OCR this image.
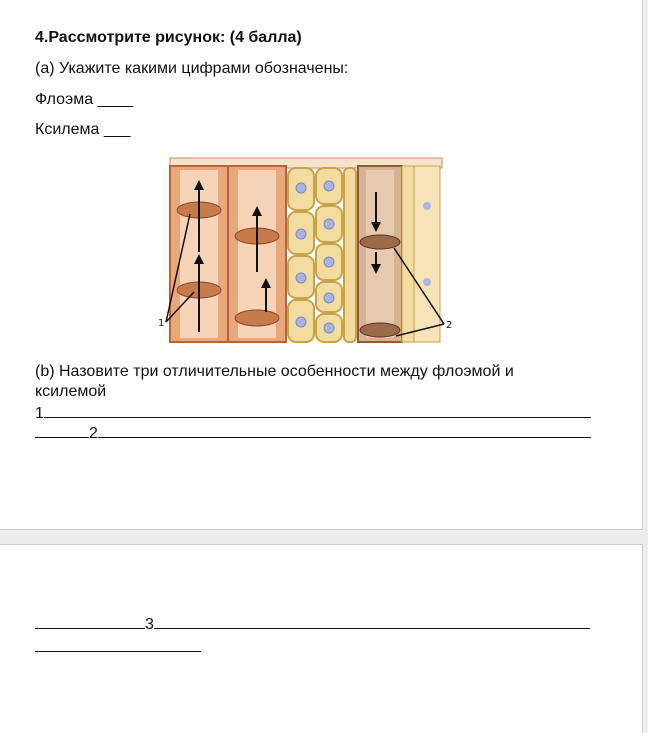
4.Рассмотрите рисунок: (4 балла)
(а) Укажите какими цифрами обозначены:
Флоэма ____
Ксилема ___
1	2
(b) Назовите три отличительные особенности между флоэмой и ксилемой
1
2
3
